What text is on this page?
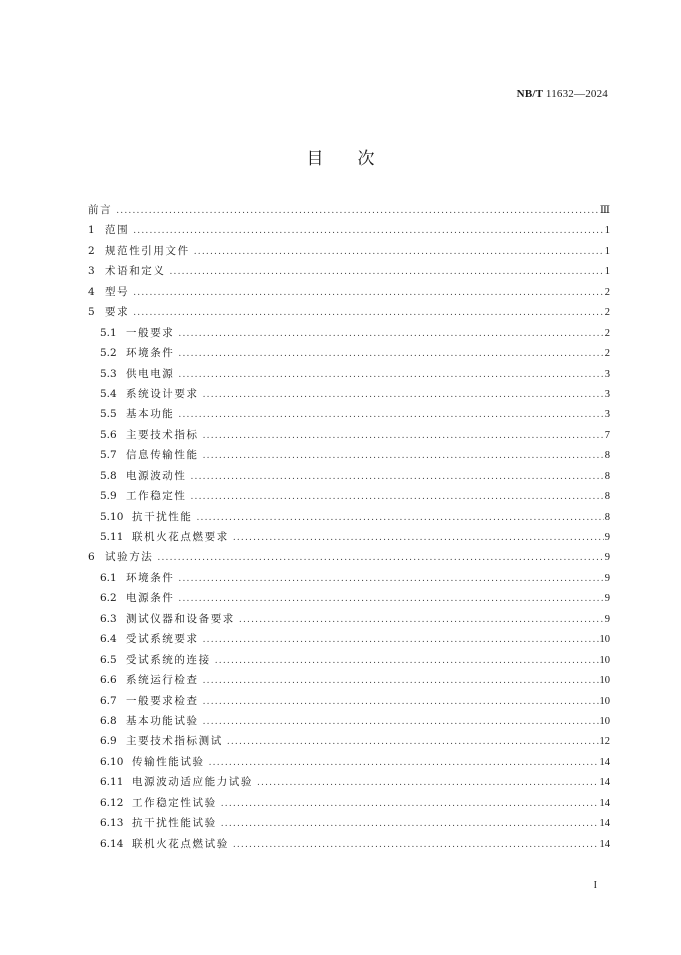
NB/T 11632—2024
目次
前言 .....	Ⅲ
1 范围 .....	1
2 规范性引用文件 .....	1
3 术语和定义 .....	1
4 型号 .....	2
5 要求 .....	2
5.1 一般要求 .....	2
5.2 环境条件 .....	2
5.3 供电电源 .....	3
5.4 系统设计要求 .....	3
5.5 基本功能 .....	3
5.6 主要技术指标 .....	7
5.7 信息传输性能 .....	8
5.8 电源波动性 .....	8
5.9 工作稳定性 .....	8
5.10 抗干扰性能 .....	8
5.11 联机火花点燃要求 .....	9
6 试验方法 .....	9
6.1 环境条件 .....	9
6.2 电源条件 .....	9
6.3 测试仪器和设备要求 .....	9
6.4 受试系统要求 .....	10
6.5 受试系统的连接 .....	10
6.6 系统运行检查 .....	10
6.7 一般要求检查 .....	10
6.8 基本功能试验 .....	10
6.9 主要技术指标测试 .....	12
6.10 传输性能试验 .....	14
6.11 电源波动适应能力试验 .....	14
6.12 工作稳定性试验 .....	14
6.13 抗干扰性能试验 .....	14
6.14 联机火花点燃试验 .....	14
I
